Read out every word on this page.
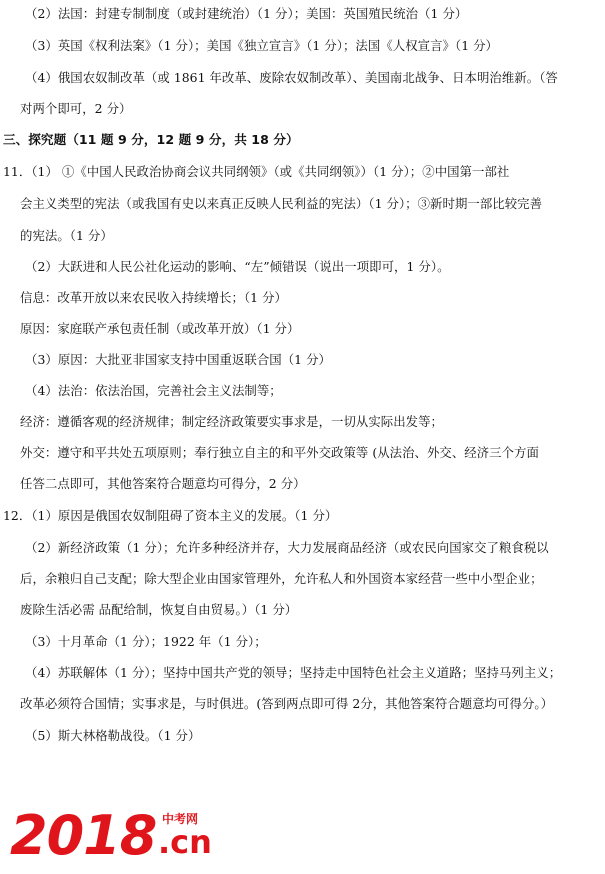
（2）法国：封建专制制度（或封建统治）（1 分）；美国：英国殖民统治（1 分）
（3）英国《权利法案》（1 分）；美国《独立宣言》（1 分）；法国《人权宣言》（1 分）
（4）俄国农奴制改革（或 1861 年改革、废除农奴制改革）、美国南北战争、日本明治维新。（答
对两个即可，2 分）
三、探究题（11 题 9 分，12 题 9 分，共 18 分）
11．（1） ①《中国人民政治协商会议共同纲领》（或《共同纲领》）（1 分）；②中国第一部社
会主义类型的宪法（或我国有史以来真正反映人民利益的宪法）（1 分）；③新时期一部比较完善
的宪法。（1 分）
（2）大跃进和人民公社化运动的影响、“左”倾错误（说出一项即可，1 分）。
信息：改革开放以来农民收入持续增长；（1 分）
原因：家庭联产承包责任制（或改革开放）（1 分）
（3）原因：大批亚非国家支持中国重返联合国（1 分）
（4）法治：依法治国，完善社会主义法制等；
经济：遵循客观的经济规律；制定经济政策要实事求是，一切从实际出发等；
外交：遵守和平共处五项原则；奉行独立自主的和平外交政策等 (从法治、外交、经济三个方面
任答二点即可，其他答案符合题意均可得分，2 分）
12．（1）原因是俄国农奴制阻碍了资本主义的发展。（1 分）
（2）新经济政策（1 分）；允许多种经济并存，大力发展商品经济（或农民向国家交了粮食税以
后，余粮归自己支配；除大型企业由国家管理外，允许私人和外国资本家经营一些中小型企业；
废除生活必需 品配给制，恢复自由贸易。）（1 分）
（3）十月革命（1 分）；1922 年（1 分）；
（4）苏联解体（1 分）；坚持中国共产党的领导；坚持走中国特色社会主义道路；坚持马列主义；
改革必须符合国情；实事求是，与时俱进。(答到两点即可得 2分，其他答案符合题意均可得分。）
（5）斯大林格勒战役。（1 分）
2018 中考网
.cn
